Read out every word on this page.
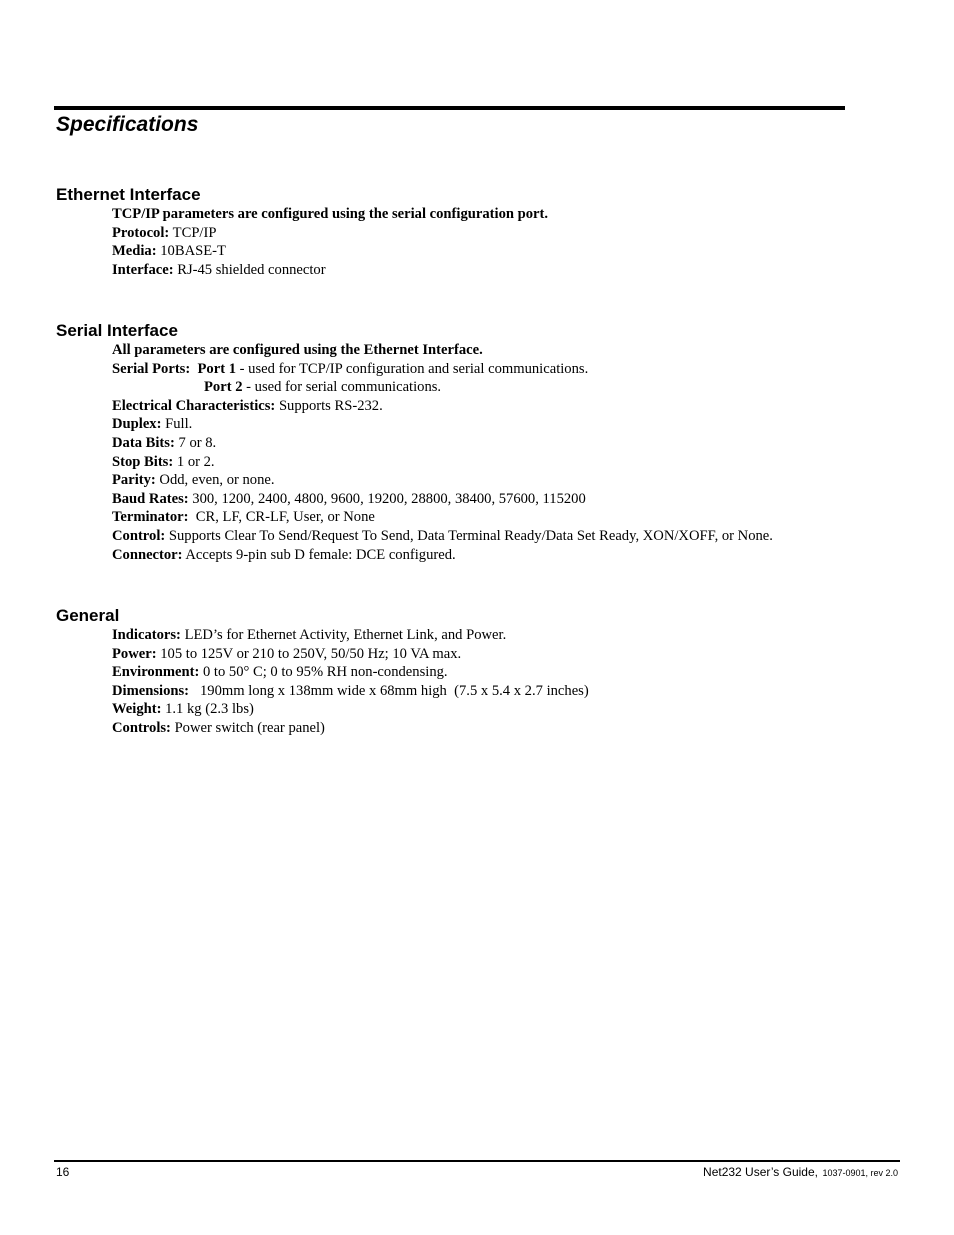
Specifications
Ethernet Interface
TCP/IP parameters are configured using the serial configuration port.
Protocol: TCP/IP
Media: 10BASE-T
Interface: RJ-45 shielded connector
Serial Interface
All parameters are configured using the Ethernet Interface.
Serial Ports: Port 1 - used for TCP/IP configuration and serial communications.
Port 2 - used for serial communications.
Electrical Characteristics: Supports RS-232.
Duplex: Full.
Data Bits: 7 or 8.
Stop Bits: 1 or 2.
Parity: Odd, even, or none.
Baud Rates: 300, 1200, 2400, 4800, 9600, 19200, 28800, 38400, 57600, 115200
Terminator:  CR, LF, CR-LF, User, or None
Control: Supports Clear To Send/Request To Send, Data Terminal Ready/Data Set Ready, XON/XOFF, or None.
Connector: Accepts 9-pin sub D female: DCE configured.
General
Indicators: LED’s for Ethernet Activity, Ethernet Link, and Power.
Power: 105 to 125V or 210 to 250V, 50/50 Hz; 10 VA max.
Environment: 0 to 50° C; 0 to 95% RH non-condensing.
Dimensions:   190mm long x 138mm wide x 68mm high  (7.5 x 5.4 x 2.7 inches)
Weight: 1.1 kg (2.3 lbs)
Controls: Power switch (rear panel)
16	Net232 User’s Guide, 1037-0901, rev 2.0
